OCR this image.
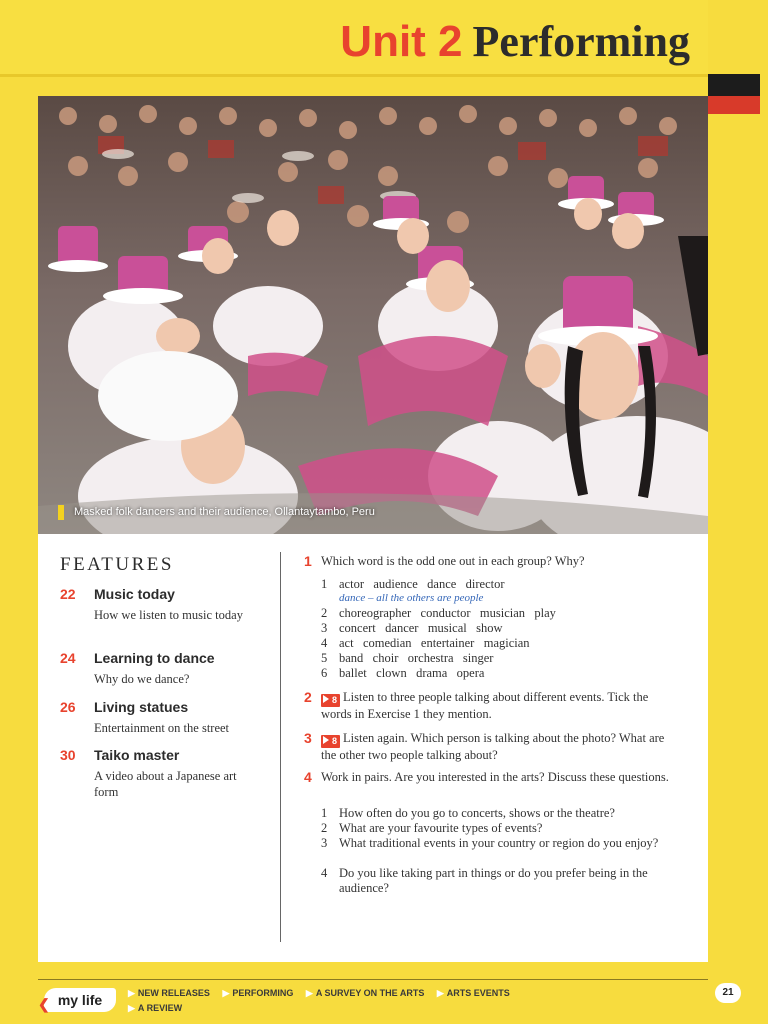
Unit 2 Performing
Masked folk dancers and their audience, Ollantaytambo, Peru
FEATURES
22 Music today
How we listen to music today
24 Learning to dance
Why do we dance?
26 Living statues
Entertainment on the street
30 Taiko master
A video about a Japanese art form
1 Which word is the odd one out in each group? Why?
1 actor   audience   dance   director
dance – all the others are people
2 choreographer   conductor   musician   play
3 concert   dancer   musical   show
4 act   comedian   entertainer   magician
5 band   choir   orchestra   singer
6 ballet   clown   drama   opera
2	8 Listen to three people talking about different events. Tick the words in Exercise 1 they mention.
3	8 Listen again. Which person is talking about the photo? What are the other two people talking about?
4 Work in pairs. Are you interested in the arts? Discuss these questions.
1 How often do you go to concerts, shows or the theatre?
2 What are your favourite types of events?
3 What traditional events in your country or region do you enjoy?
4 Do you like taking part in things or do you prefer being in the audience?
❮ my life	▶ NEW RELEASES ▶ PERFORMING ▶ A SURVEY ON THE ARTS ▶ ARTS EVENTS
▶ A REVIEW
21
